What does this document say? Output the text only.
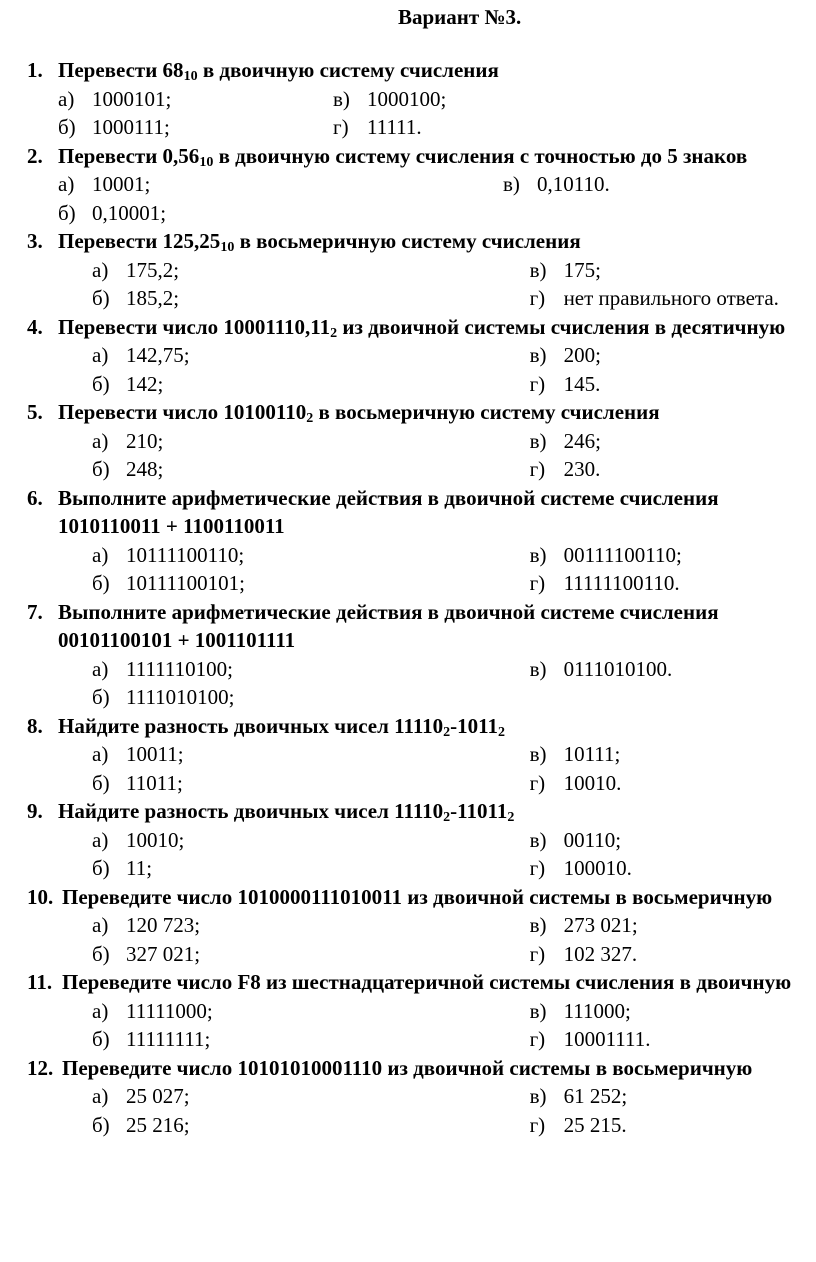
Вариант №3.
1. Перевести $68_{10}$ в двоичную систему счисления
а) 1000101;	в) 1000100;
б) 1000111;	г) 11111.
2. Перевести $0,56_{10}$ в двоичную систему счисления с точностью до 5 знаков
а) 10001;	в) 0,10110.
б) 0,10001;
3. Перевести $125,25_{10}$ в восьмеричную систему счисления
а) 175,2;	в) 175;
б) 185,2;	г) нет правильного ответа.
4. Перевести число $10001110,11_2$ из двоичной системы счисления в десятичную
а) 142,75;	в) 200;
б) 142;	г) 145.
5. Перевести число $10100110_2$ в восьмеричную систему счисления
а) 210;	в) 246;
б) 248;	г) 230.
6. Выполните арифметические действия в двоичной системе счисления 1010110011 + 1100110011
а) 10111100110;	в) 00111100110;
б) 10111100101;	г) 11111100110.
7. Выполните арифметические действия в двоичной системе счисления 00101100101 + 1001101111
а) 1111110100;	в) 0111010100.
б) 1111010100;
8. Найдите разность двоичных чисел $11110_2-1011_2$
а) 10011;	в) 10111;
б) 11011;	г) 10010.
9. Найдите разность двоичных чисел $11110_2-11011_2$
а) 10010;	в) 00110;
б) 11;	г) 100010.
10. Переведите число 1010000111010011 из двоичной системы в восьмеричную
а) 120 723;	в) 273 021;
б) 327 021;	г) 102 327.
11. Переведите число F8 из шестнадцатеричной системы счисления в двоичную
а) 11111000;	в) 111000;
б) 11111111;	г) 10001111.
12. Переведите число 10101010001110 из двоичной системы в восьмеричную
а) 25 027;	в) 61 252;
б) 25 216;	г) 25 215.
